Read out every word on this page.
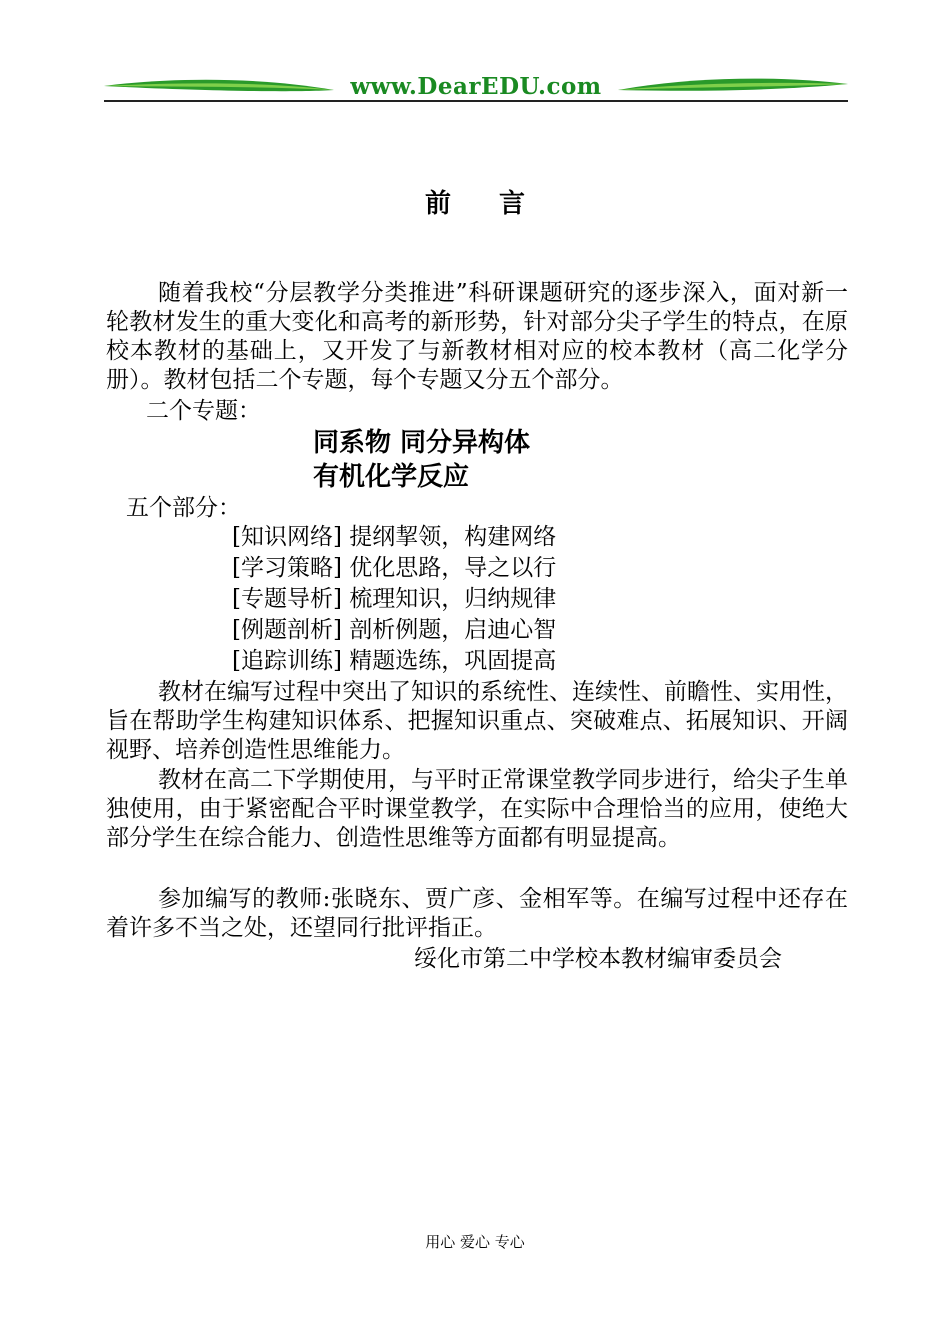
www.DearEDU.com
前言

随着我校“分层教学分类推进”科研课题研究的逐步深入，面对新一轮教材发生的重大变化和高考的新形势，针对部分尖子学生的特点，在原校本教材的基础上，又开发了与新教材相对应的校本教材（高二化学分册）。教材包括二个专题，每个专题又分五个部分。

二个专题：

同系物 同分异构体
有机化学反应

五个部分：

[知识网络] 提纲挈领，构建网络
[学习策略] 优化思路，导之以行
[专题导析] 梳理知识，归纳规律
[例题剖析] 剖析例题，启迪心智
[追踪训练] 精题选练，巩固提高

教材在编写过程中突出了知识的系统性、连续性、前瞻性、实用性，旨在帮助学生构建知识体系、把握知识重点、突破难点、拓展知识、开阔视野、培养创造性思维能力。

教材在高二下学期使用，与平时正常课堂教学同步进行，给尖子生单独使用，由于紧密配合平时课堂教学，在实际中合理恰当的应用，使绝大部分学生在综合能力、创造性思维等方面都有明显提高。

参加编写的教师:张晓东、贾广彦、金相军等。在编写过程中还存在着许多不当之处，还望同行批评指正。

绥化市第二中学校本教材编审委员会
用心 爱心 专心
